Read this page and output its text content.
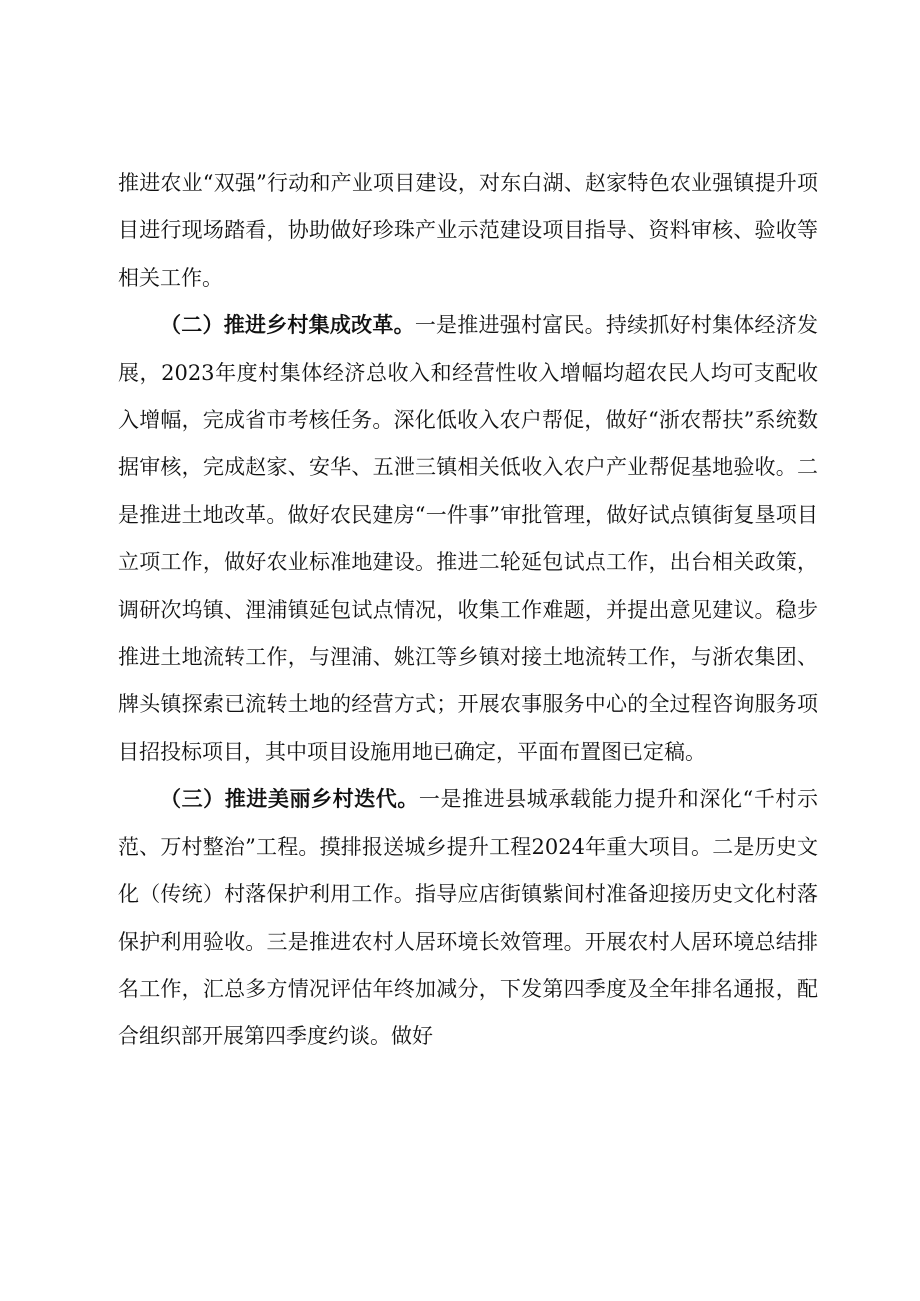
推进农业“双强”行动和产业项目建设，对东白湖、赵家特色农业强镇提升项目进行现场踏看，协助做好珍珠产业示范建设项目指导、资料审核、验收等相关工作。

（二）推进乡村集成改革。一是推进强村富民。持续抓好村集体经济发展，2023年度村集体经济总收入和经营性收入增幅均超农民人均可支配收入增幅，完成省市考核任务。深化低收入农户帮促，做好“浙农帮扶”系统数据审核，完成赵家、安华、五泄三镇相关低收入农户产业帮促基地验收。二是推进土地改革。做好农民建房“一件事”审批管理，做好试点镇街复垦项目立项工作，做好农业标准地建设。推进二轮延包试点工作，出台相关政策，调研次坞镇、浬浦镇延包试点情况，收集工作难题，并提出意见建议。稳步推进土地流转工作，与浬浦、姚江等乡镇对接土地流转工作，与浙农集团、牌头镇探索已流转土地的经营方式；开展农事服务中心的全过程咨询服务项目招投标项目，其中项目设施用地已确定，平面布置图已定稿。

（三）推进美丽乡村迭代。一是推进县城承载能力提升和深化“千村示范、万村整治”工程。摸排报送城乡提升工程2024年重大项目。二是历史文化（传统）村落保护利用工作。指导应店街镇紫间村准备迎接历史文化村落保护利用验收。三是推进农村人居环境长效管理。开展农村人居环境总结排名工作，汇总多方情况评估年终加减分，下发第四季度及全年排名通报，配合组织部开展第四季度约谈。做好
